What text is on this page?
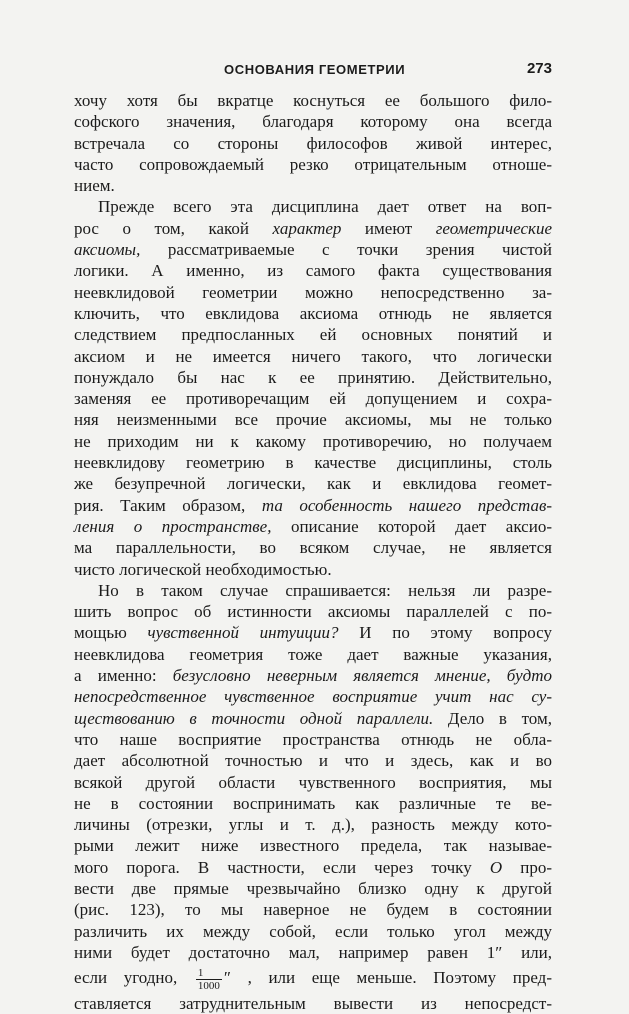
ОСНОВАНИЯ ГЕОМЕТРИИ	273
хочу хотя бы вкратце коснуться ее большого фило-
софского значения, благодаря которому она всегда
встречала со стороны философов живой интерес,
часто сопровождаемый резко отрицательным отноше-
нием.
Прежде всего эта дисциплина дает ответ на воп-
рос о том, какой характер имеют геометрические
аксиомы, рассматриваемые с точки зрения чистой
логики. А именно, из самого факта существования
неевклидовой геометрии можно непосредственно за-
ключить, что евклидова аксиома отнюдь не является
следствием предпосланных ей основных понятий и
аксиом и не имеется ничего такого, что логически
понуждало бы нас к ее принятию. Действительно,
заменяя ее противоречащим ей допущением и сохра-
няя неизменными все прочие аксиомы, мы не только
не приходим ни к какому противоречию, но получаем
неевклидову геометрию в качестве дисциплины, столь
же безупречной логически, как и евклидова геомет-
рия. Таким образом, та особенность нашего представ-
ления о пространстве, описание которой дает аксио-
ма параллельности, во всяком случае, не является
чисто логической необходимостью.
Но в таком случае спрашивается: нельзя ли разре-
шить вопрос об истинности аксиомы параллелей с по-
мощью чувственной интуиции? И по этому вопросу
неевклидова геометрия тоже дает важные указания,
а именно: безусловно неверным является мнение, будто
непосредственное чувственное восприятие учит нас су-
ществованию в точности одной параллели. Дело в том,
что наше восприятие пространства отнюдь не обла-
дает абсолютной точностью и что и здесь, как и во
всякой другой области чувственного восприятия, мы
не в состоянии воспринимать как различные те ве-
личины (отрезки, углы и т. д.), разность между кото-
рыми лежит ниже известного предела, так называе-
мого порога. В частности, если через точку О про-
вести две прямые чрезвычайно близко одну к другой
(рис. 123), то мы наверное не будем в состоянии
различить их между собой, если только угол между
ними будет достаточно мал, например равен 1″ или,
если угодно, $\frac{1}{1000}$ ″ , или еще меньше. Поэтому пред-
ставляется затруднительным вывести из непосредст-
